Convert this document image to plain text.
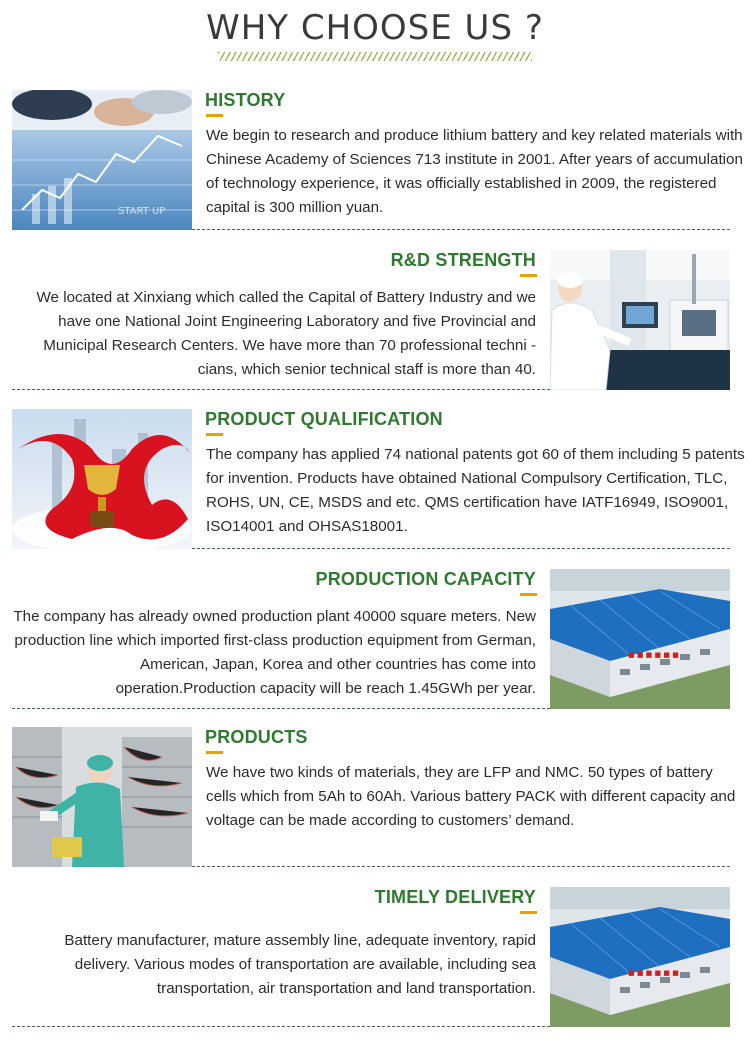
WHY CHOOSE US ?
START UP
HISTORY

We begin to research and produce lithium battery and key related materials with Chinese Academy of Sciences 713 institute in 2001. After years of accumulation of technology experience, it was officially established in 2009, the registered capital is 300 million yuan.

R&D STRENGTH

We located at Xinxiang which called the Capital of Battery Industry and we have one National Joint Engineering Laboratory and five Provincial and Municipal Research Centers. We have more than 70 professional techni -cians, which senior technical staff is more than 40.

PRODUCT QUALIFICATION

The company has applied 74 national patents got 60 of them including 5 patents for invention. Products have obtained National Compulsory Certification, TLC, ROHS, UN, CE, MSDS and etc. QMS certification have IATF16949, ISO9001, ISO14001 and OHSAS18001.

■ ■ ■ ■ ■ ■
PRODUCTION CAPACITY

The company has already owned production plant 40000 square meters. New production line which imported first-class production equipment from German, American, Japan, Korea and other countries has come into operation.Production capacity will be reach 1.45GWh per year.

PRODUCTS

We have two kinds of materials, they are LFP and NMC. 50 types of battery cells which from 5Ah to 60Ah. Various battery PACK with different capacity and voltage can be made according to customers’ demand.

■ ■ ■ ■ ■ ■
TIMELY DELIVERY

Battery manufacturer, mature assembly line, adequate inventory, rapid delivery. Various modes of transportation are available, including sea transportation, air transportation and land transportation.
